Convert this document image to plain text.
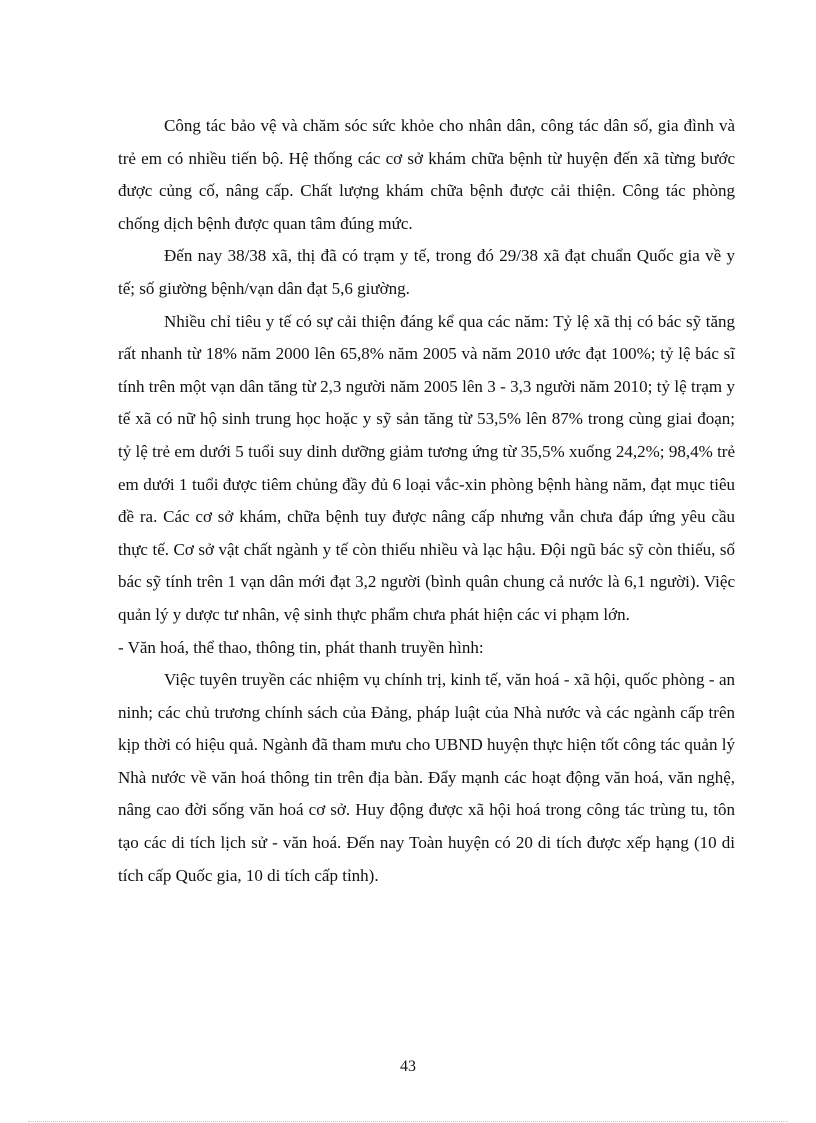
Công tác bảo vệ và chăm sóc sức khỏe cho nhân dân, công tác dân số, gia đình và trẻ em có nhiều tiến bộ. Hệ thống các cơ sở khám chữa bệnh từ huyện đến xã từng bước được củng cố, nâng cấp. Chất lượng khám chữa bệnh được cải thiện. Công tác phòng chống dịch bệnh được quan tâm đúng mức.

Đến nay 38/38 xã, thị đã có trạm y tế, trong đó 29/38 xã đạt chuẩn Quốc gia về y tế; số giường bệnh/vạn dân đạt 5,6 giường.

Nhiều chỉ tiêu y tế có sự cải thiện đáng kể qua các năm: Tỷ lệ xã thị có bác sỹ tăng rất nhanh từ 18% năm 2000 lên 65,8% năm 2005 và năm 2010 ước đạt 100%; tỷ lệ bác sĩ tính trên một vạn dân tăng từ 2,3 người năm 2005 lên 3 - 3,3 người năm 2010; tỷ lệ trạm y tế xã có nữ hộ sinh trung học hoặc y sỹ sản tăng từ 53,5% lên 87% trong cùng giai đoạn; tỷ lệ trẻ em dưới 5 tuổi suy dinh dưỡng giảm tương ứng từ 35,5% xuống 24,2%; 98,4% trẻ em dưới 1 tuổi được tiêm chủng đầy đủ 6 loại vắc-xin phòng bệnh hàng năm, đạt mục tiêu đề ra. Các cơ sở khám, chữa bệnh tuy được nâng cấp nhưng vẫn chưa đáp ứng yêu cầu thực tế. Cơ sở vật chất ngành y tế còn thiếu nhiều và lạc hậu. Đội ngũ bác sỹ còn thiếu, số bác sỹ tính trên 1 vạn dân mới đạt 3,2 người (bình quân chung cả nước là 6,1 người). Việc quản lý y dược tư nhân, vệ sinh thực phẩm chưa phát hiện các vi phạm lớn.

- Văn hoá, thể thao, thông tin, phát thanh truyền hình:

Việc tuyên truyền các nhiệm vụ chính trị, kinh tế, văn hoá - xã hội, quốc phòng - an ninh; các chủ trương chính sách của Đảng, pháp luật của Nhà nước và các ngành cấp trên kịp thời có hiệu quả. Ngành đã tham mưu cho UBND huyện thực hiện tốt công tác quản lý Nhà nước về văn hoá thông tin trên địa bàn. Đẩy mạnh các hoạt động văn hoá, văn nghệ, nâng cao đời sống văn hoá cơ sở. Huy động được xã hội hoá trong công tác trùng tu, tôn tạo các di tích lịch sử - văn hoá. Đến nay Toàn huyện có 20 di tích được xếp hạng (10 di tích cấp Quốc gia, 10 di tích cấp tỉnh).

43
